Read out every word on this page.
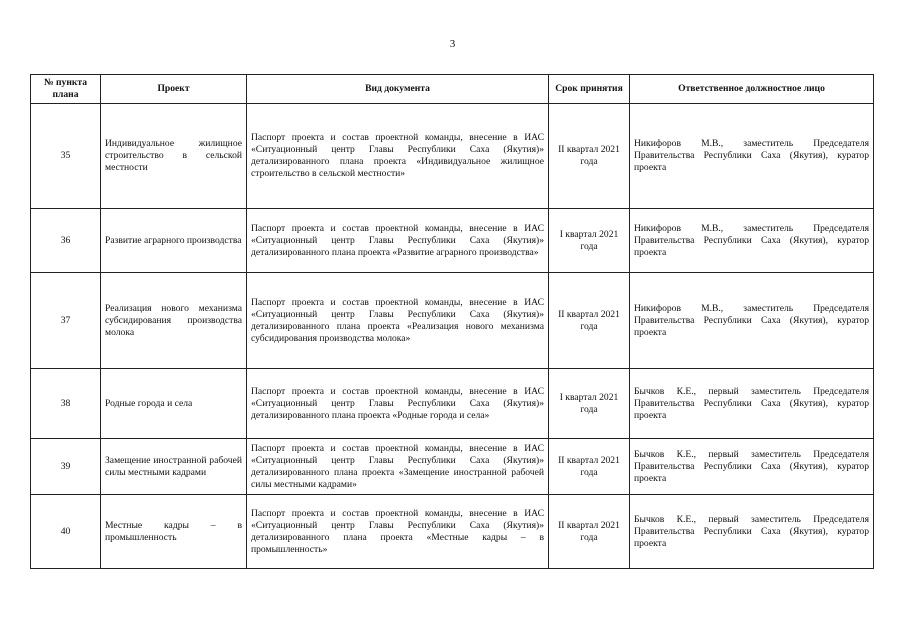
3
№ пункта плана	Проект	Вид документа	Срок принятия	Ответственное должностное лицо
35	Индивидуальное жилищное строительство в сельской местности	Паспорт проекта и состав проектной команды, внесение в ИАС «Ситуационный центр Главы Республики Саха (Якутия)» детализированного плана проекта «Индивидуальное жилищное строительство в сельской местности»	II квартал 2021 года	Никифоров М.В., заместитель Председателя Правительства Республики Саха (Якутия), куратор проекта
36	Развитие аграрного производства	Паспорт проекта и состав проектной команды, внесение в ИАС «Ситуационный центр Главы Республики Саха (Якутия)» детализированного плана проекта «Развитие аграрного производства»	I квартал 2021 года	Никифоров М.В., заместитель Председателя Правительства Республики Саха (Якутия), куратор проекта
37	Реализация нового механизма субсидирования производства молока	Паспорт проекта и состав проектной команды, внесение в ИАС «Ситуационный центр Главы Республики Саха (Якутия)» детализированного плана проекта «Реализация нового механизма субсидирования производства молока»	II квартал 2021 года	Никифоров М.В., заместитель Председателя Правительства Республики Саха (Якутия), куратор проекта
38	Родные города и села	Паспорт проекта и состав проектной команды, внесение в ИАС «Ситуационный центр Главы Республики Саха (Якутия)» детализированного плана проекта «Родные города и села»	I квартал 2021 года	Бычков К.Е., первый заместитель Председателя Правительства Республики Саха (Якутия), куратор проекта
39	Замещение иностранной рабочей силы местными кадрами	Паспорт проекта и состав проектной команды, внесение в ИАС «Ситуационный центр Главы Республики Саха (Якутия)» детализированного плана проекта «Замещение иностранной рабочей силы местными кадрами»	II квартал 2021 года	Бычков К.Е., первый заместитель Председателя Правительства Республики Саха (Якутия), куратор проекта
40	Местные кадры – в промышленность	Паспорт проекта и состав проектной команды, внесение в ИАС «Ситуационный центр Главы Республики Саха (Якутия)» детализированного плана проекта «Местные кадры – в промышленность»	II квартал 2021 года	Бычков К.Е., первый заместитель Председателя Правительства Республики Саха (Якутия), куратор проекта
